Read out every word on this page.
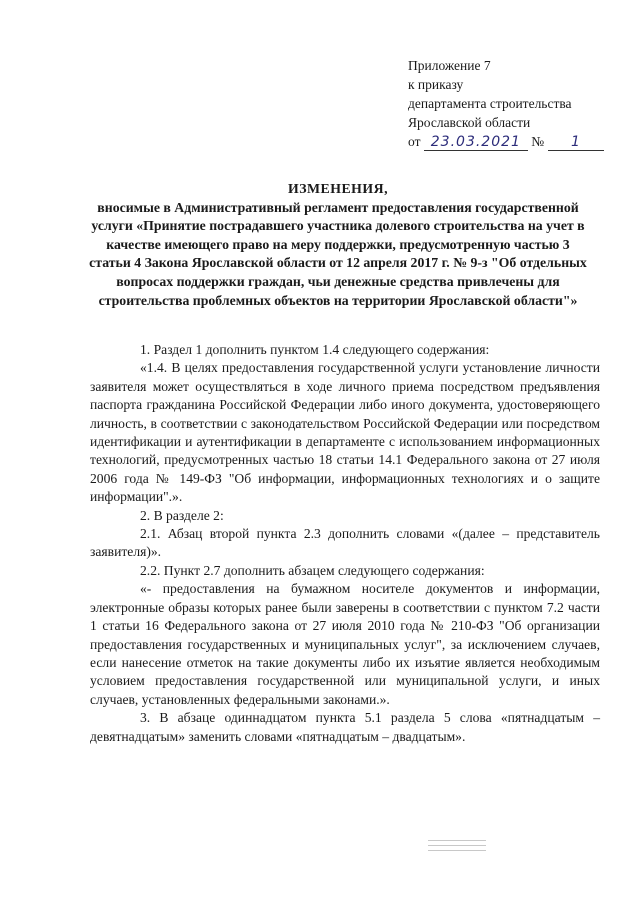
Приложение 7
к приказу
департамента строительства
Ярославской области
от 23.03.2021 № 1
ИЗМЕНЕНИЯ,
вносимые в Административный регламент предоставления государственной услуги «Принятие пострадавшего участника долевого строительства на учет в качестве имеющего право на меру поддержки, предусмотренную частью 3 статьи 4 Закона Ярославской области от 12 апреля 2017 г. № 9-з "Об отдельных вопросах поддержки граждан, чьи денежные средства привлечены для строительства проблемных объектов на территории Ярославской области"»

1. Раздел 1 дополнить пунктом 1.4 следующего содержания:

«1.4. В целях предоставления государственной услуги установление личности заявителя может осуществляться в ходе личного приема посредством предъявления паспорта гражданина Российской Федерации либо иного документа, удостоверяющего личность, в соответствии с законодательством Российской Федерации или посредством идентификации и аутентификации в департаменте с использованием информационных технологий, предусмотренных частью 18 статьи 14.1 Федерального закона от 27 июля 2006 года № 149-ФЗ "Об информации, информационных технологиях и о защите информации".».

2. В разделе 2:

2.1. Абзац второй пункта 2.3 дополнить словами «(далее – представитель заявителя)».

2.2. Пункт 2.7 дополнить абзацем следующего содержания:

«- предоставления на бумажном носителе документов и информации, электронные образы которых ранее были заверены в соответствии с пунктом 7.2 части 1 статьи 16 Федерального закона от 27 июля 2010 года № 210-ФЗ "Об организации предоставления государственных и муниципальных услуг", за исключением случаев, если нанесение отметок на такие документы либо их изъятие является необходимым условием предоставления государственной или муниципальной услуги, и иных случаев, установленных федеральными законами.».

3. В абзаце одиннадцатом пункта 5.1 раздела 5 слова «пятнадцатым – девятнадцатым» заменить словами «пятнадцатым – двадцатым».
